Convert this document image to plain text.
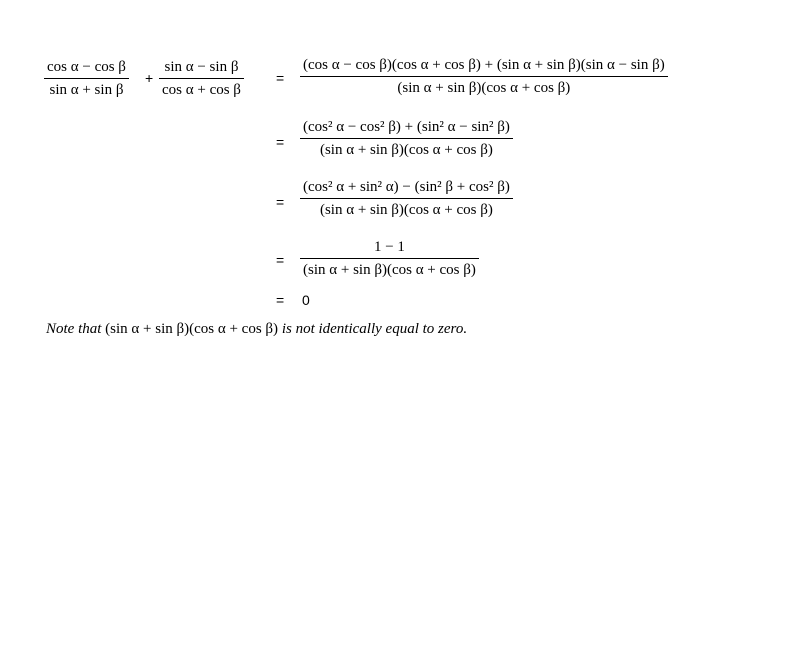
cos α − cos β
sin α + sin β
+
sin α − sin β
cos α + cos β
=
(cos α − cos β)(cos α + cos β) + (sin α + sin β)(sin α − sin β)
(sin α + sin β)(cos α + cos β)
=
(cos² α − cos² β) + (sin² α − sin² β)
(sin α + sin β)(cos α + cos β)
=
(cos² α + sin² α) − (sin² β + cos² β)
(sin α + sin β)(cos α + cos β)
=
1 − 1
(sin α + sin β)(cos α + cos β)
= 0
Note that (sin α + sin β)(cos α + cos β) is not identically equal to zero.
